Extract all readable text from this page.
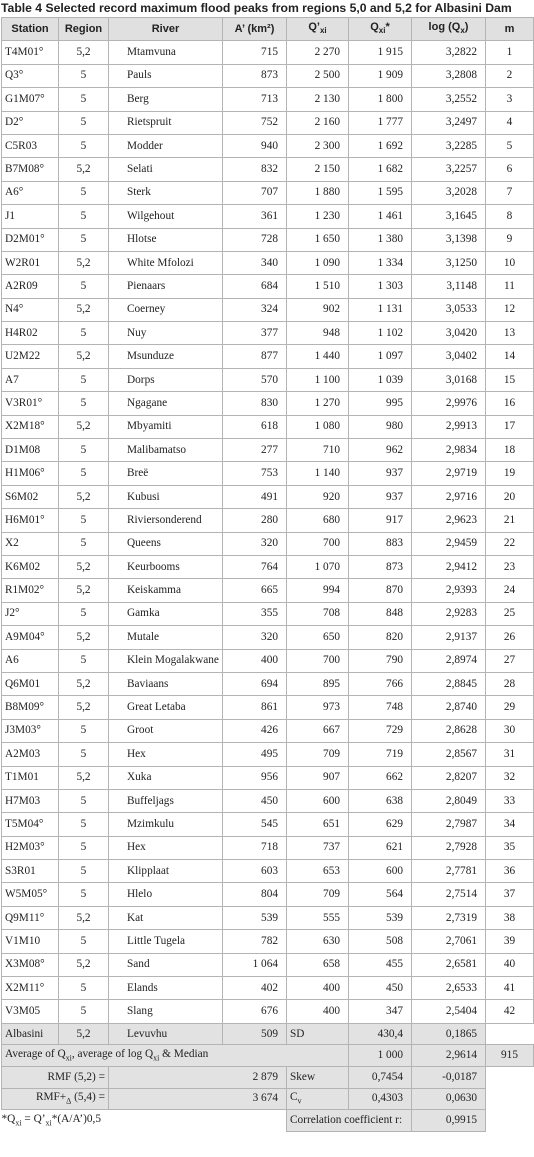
Table 4 Selected record maximum flood peaks from regions 5,0 and 5,2 for Albasini Dam
Station	Region	River	A’ (km²)	$Q’_{xi}$	$Q_{xi}*$	$\log (Q_x)$	m
T4M01°	5,2	Mtamvuna	715	2 270	1 915	3,2822	1
Q3°	5	Pauls	873	2 500	1 909	3,2808	2
G1M07°	5	Berg	713	2 130	1 800	3,2552	3
D2°	5	Rietspruit	752	2 160	1 777	3,2497	4
C5R03	5	Modder	940	2 300	1 692	3,2285	5
B7M08°	5,2	Selati	832	2 150	1 682	3,2257	6
A6°	5	Sterk	707	1 880	1 595	3,2028	7
J1	5	Wilgehout	361	1 230	1 461	3,1645	8
D2M01°	5	Hlotse	728	1 650	1 380	3,1398	9
W2R01	5,2	White Mfolozi	340	1 090	1 334	3,1250	10
A2R09	5	Pienaars	684	1 510	1 303	3,1148	11
N4°	5,2	Coerney	324	902	1 131	3,0533	12
H4R02	5	Nuy	377	948	1 102	3,0420	13
U2M22	5,2	Msunduze	877	1 440	1 097	3,0402	14
A7	5	Dorps	570	1 100	1 039	3,0168	15
V3R01°	5	Ngagane	830	1 270	995	2,9976	16
X2M18°	5,2	Mbyamiti	618	1 080	980	2,9913	17
D1M08	5	Malibamatso	277	710	962	2,9834	18
H1M06°	5	Breë	753	1 140	937	2,9719	19
S6M02	5,2	Kubusi	491	920	937	2,9716	20
H6M01°	5	Riviersonderend	280	680	917	2,9623	21
X2	5	Queens	320	700	883	2,9459	22
K6M02	5,2	Keurbooms	764	1 070	873	2,9412	23
R1M02°	5,2	Keiskamma	665	994	870	2,9393	24
J2°	5	Gamka	355	708	848	2,9283	25
A9M04°	5,2	Mutale	320	650	820	2,9137	26
A6	5	Klein Mogalakwane	400	700	790	2,8974	27
Q6M01	5,2	Baviaans	694	895	766	2,8845	28
B8M09°	5,2	Great Letaba	861	973	748	2,8740	29
J3M03°	5	Groot	426	667	729	2,8628	30
A2M03	5	Hex	495	709	719	2,8567	31
T1M01	5,2	Xuka	956	907	662	2,8207	32
H7M03	5	Buffeljags	450	600	638	2,8049	33
T5M04°	5	Mzimkulu	545	651	629	2,7987	34
H2M03°	5	Hex	718	737	621	2,7928	35
S3R01	5	Klipplaat	603	653	600	2,7781	36
W5M05°	5	Hlelo	804	709	564	2,7514	37
Q9M11°	5,2	Kat	539	555	539	2,7319	38
V1M10	5	Little Tugela	782	630	508	2,7061	39
X3M08°	5,2	Sand	1 064	658	455	2,6581	40
X2M11°	5	Elands	402	400	450	2,6533	41
V3M05	5	Slang	676	400	347	2,5404	42
Albasini	5,2	Levuvhu	509	SD	430,4	0,1865	
Average of $Q_{xi}$, average of $\log Q_{xi}$ & Median					1 000	2,9614	915
RMF (5,2) =		2 879		Skew	0,7454	-0,0187	
$RMF+_\Delta$ (5,4) =		3 674		$C_v$	0,4303	0,0630	
$*Q_{xi}$ = $Q’_{xi}*(A/A’)0,5$				Correlation coefficient r:		0,9915	
